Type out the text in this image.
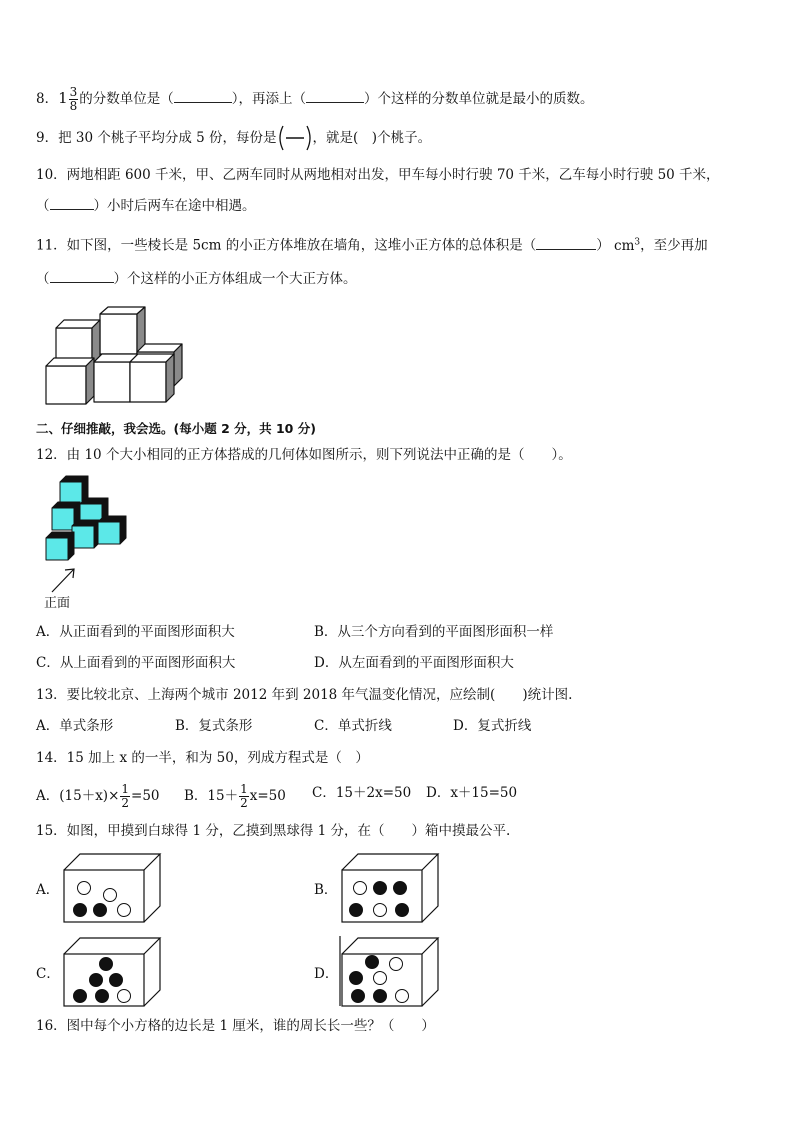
8．$1 \frac{3}{8}$ 的分数单位是（	），再添上（	）个这样的分数单位就是最小的质数。
9．把 30 个桃子平均分成 5 份，每份是	，就是(　)个桃子。
10．两地相距 600 千米，甲、乙两车同时从两地相对出发，甲车每小时行驶 70 千米，乙车每小时行驶 50 千米，
（	）小时后两车在途中相遇。
11．如下图，一些棱长是 5cm 的小正方体堆放在墙角，这堆小正方体的总体积是（	） $cm^3$，至少再加
（	）个这样的小正方体组成一个大正方体。
二、仔细推敲，我会选。(每小题 2 分，共 10 分)
12．由 10 个大小相同的正方体搭成的几何体如图所示，则下列说法中正确的是（　　）。
正面
A．从正面看到的平面图形面积大	B．从三个方向看到的平面图形面积一样
C．从上面看到的平面图形面积大	D．从左面看到的平面图形面积大
13．要比较北京、上海两个城市 2012 年到 2018 年气温变化情况，应绘制(　　)统计图.
A．单式条形	B．复式条形	C．单式折线	D．复式折线
14．15 加上 x 的一半，和为 50，列成方程式是（　）
A．$(15+x)\times \frac{1}{2} =50$ B．$15+ \frac{1}{2} x=50$ C．15＋2x=50 D．x＋15=50
15．如图，甲摸到白球得 1 分，乙摸到黑球得 1 分，在（　　）箱中摸最公平.
A．	B．
C．	D．
16．图中每个小方格的边长是 1 厘米，谁的周长长一些？（　　）
